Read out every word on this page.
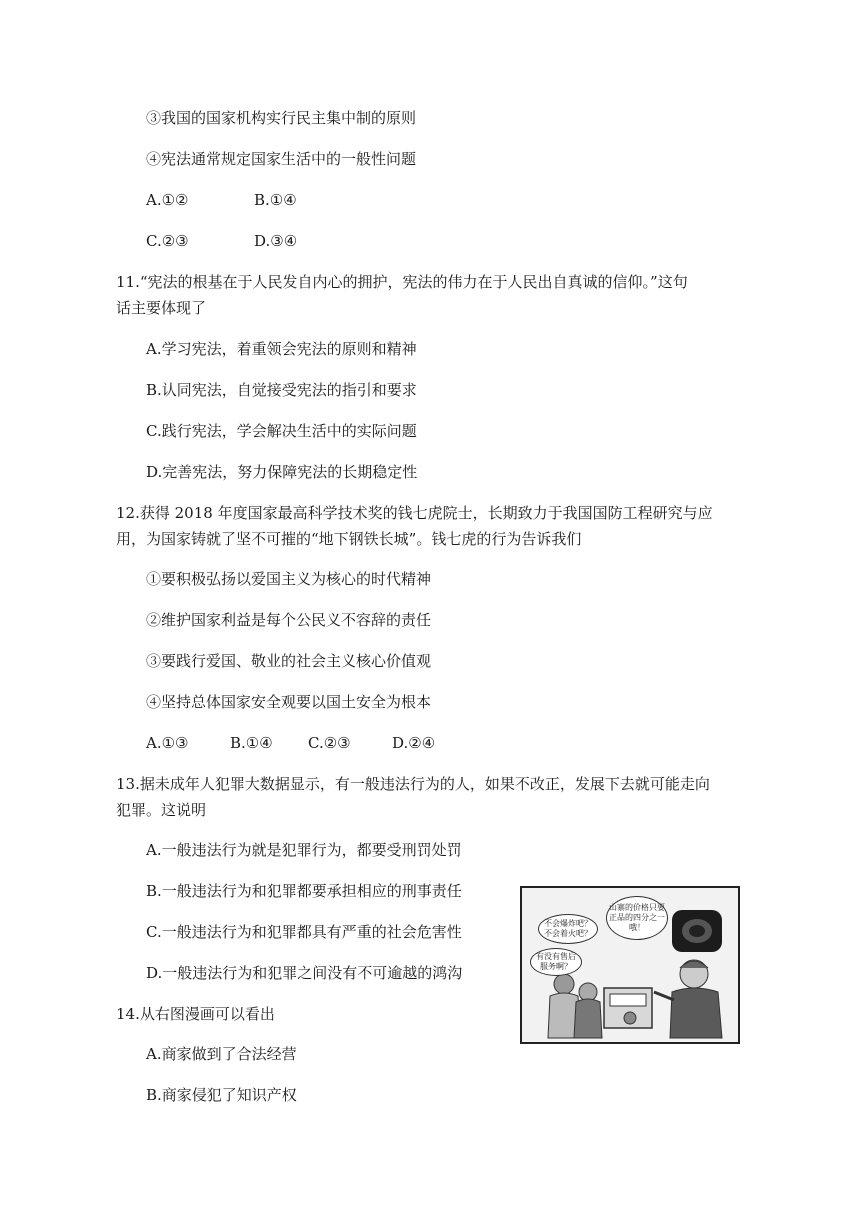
③我国的国家机构实行民主集中制的原则
④宪法通常规定国家生活中的一般性问题
A.①②	B.①④
C.②③	D.③④
11.“宪法的根基在于人民发自内心的拥护，宪法的伟力在于人民出自真诚的信仰。”这句
话主要体现了
A.学习宪法，着重领会宪法的原则和精神
B.认同宪法，自觉接受宪法的指引和要求
C.践行宪法，学会解决生活中的实际问题
D.完善宪法，努力保障宪法的长期稳定性
12.获得 2018 年度国家最高科学技术奖的钱七虎院士，长期致力于我国国防工程研究与应
用，为国家铸就了坚不可摧的“地下钢铁长城”。钱七虎的行为告诉我们
①要积极弘扬以爱国主义为核心的时代精神
②维护国家利益是每个公民义不容辞的责任
③要践行爱国、敬业的社会主义核心价值观
④坚持总体国家安全观要以国土安全为根本
A.①③	B.①④ C.②③	D.②④
13.据未成年人犯罪大数据显示，有一般违法行为的人，如果不改正，发展下去就可能走向
犯罪。这说明
A.一般违法行为就是犯罪行为，都要受刑罚处罚
B.一般违法行为和犯罪都要承担相应的刑事责任
C.一般违法行为和犯罪都具有严重的社会危害性
D.一般违法行为和犯罪之间没有不可逾越的鸿沟
14.从右图漫画可以看出
A.商家做到了合法经营
B.商家侵犯了知识产权
不会爆炸吧？不会着火吧？
山寨的价格只要正品的四分之一哦！
有没有售后服务啊？
